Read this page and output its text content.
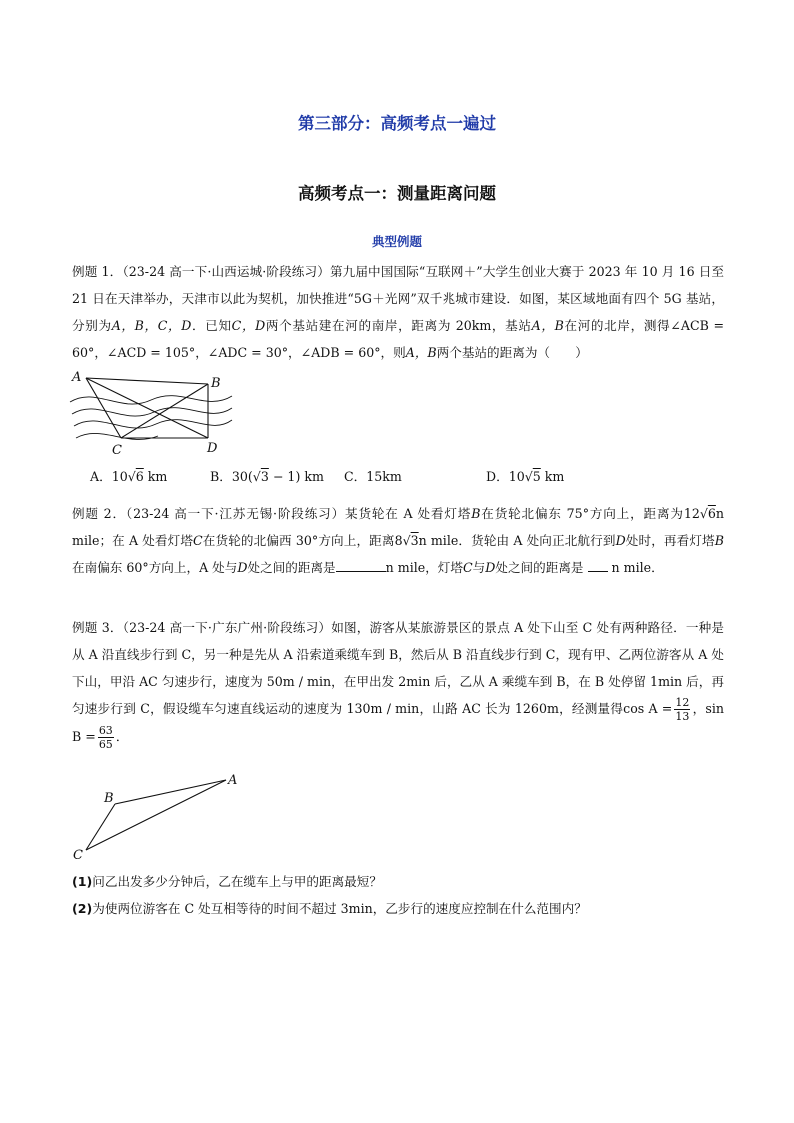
第三部分：高频考点一遍过
高频考点一：测量距离问题
典型例题
例题 1．（23-24 高一下·山西运城·阶段练习）第九届中国国际“互联网＋”大学生创业大赛于 2023 年 10 月 16 日至 21 日在天津举办，天津市以此为契机，加快推进“5G＋光网”双千兆城市建设．如图，某区域地面有四个 5G 基站，分别为A，B，C，D．已知C，D两个基站建在河的南岸，距离为 20km，基站A，B在河的北岸，测得∠ACB = 60°，∠ACD = 105°，∠ADC = 30°，∠ADB = 60°，则A，B两个基站的距离为（　　）
A	B
C	D
A．10√6 km	B．30(√3 − 1) km C．15km	D．10√5 km
例题 2．（23-24 高一下·江苏无锡·阶段练习）某货轮在 A 处看灯塔B在货轮北偏东 75°方向上，距离为12√6n mile；在 A 处看灯塔C在货轮的北偏西 30°方向上，距离8√3n mile．货轮由 A 处向正北航行到D处时，再看灯塔B在南偏东 60°方向上，A 处与D处之间的距离是	n mile，灯塔C与D处之间的距离是 n mile．
例题 3．（23-24 高一下·广东广州·阶段练习）如图，游客从某旅游景区的景点 A 处下山至 C 处有两种路径．一种是从 A 沿直线步行到 C，另一种是先从 A 沿索道乘缆车到 B，然后从 B 沿直线步行到 C，现有甲、乙两位游客从 A 处下山，甲沿 AC 匀速步行，速度为 50m / min，在甲出发 2min 后，乙从 A 乘缆车到 B，在 B 处停留 1min 后，再匀速步行到 C，假设缆车匀速直线运动的速度为 130m / min，山路 AC 长为 1260m，经测量得$\cos A = \frac{12}{13}$ ，$\sin B = \frac{63}{65}$ ．
A
B
C
(1)问乙出发多少分钟后，乙在缆车上与甲的距离最短？
(2)为使两位游客在 C 处互相等待的时间不超过 3min，乙步行的速度应控制在什么范围内？
